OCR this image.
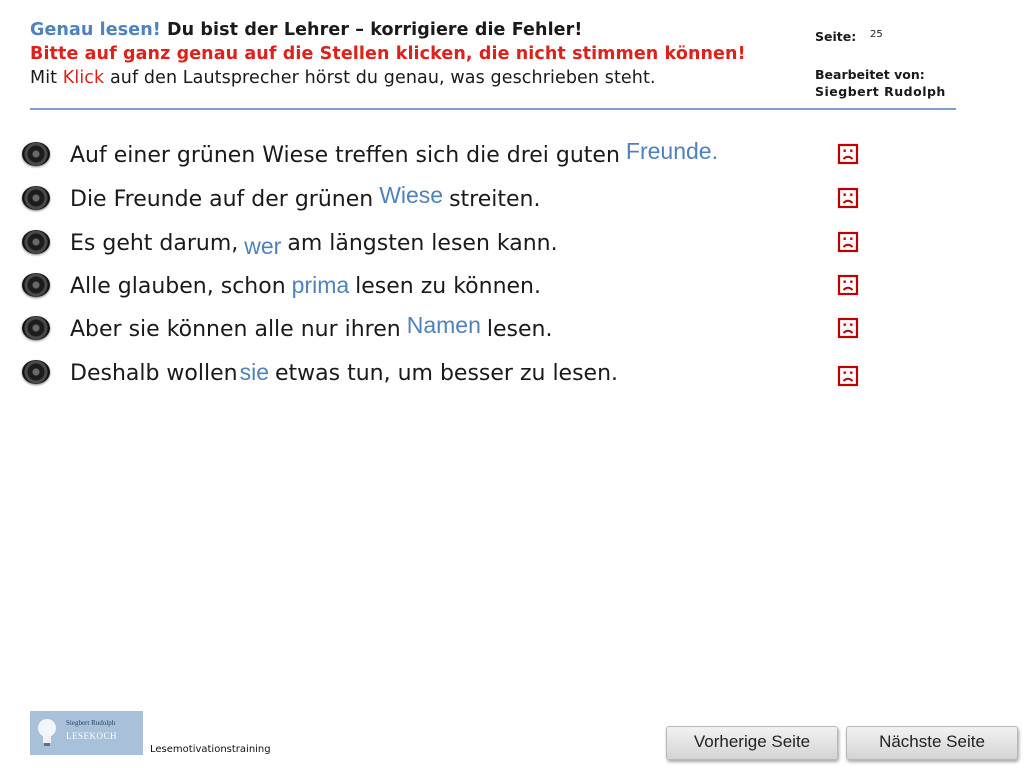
Genau lesen! Du bist der Lehrer – korrigiere die Fehler!
Bitte auf ganz genau auf die Stellen klicken, die nicht stimmen können!
Mit Klick auf den Lautsprecher hörst du genau, was geschrieben steht.
Seite: 25
Bearbeitet von:
Siegbert Rudolph
Auf einer grünen Wiese treffen sich die drei guten Freunde.
Die Freunde auf der grünen Wiese streiten.
Es geht darum, wer am längsten lesen kann.
Alle glauben, schon prima lesen zu können.
Aber sie können alle nur ihren Namen lesen.
Deshalb wollensie etwas tun, um besser zu lesen.
Siegbert Rudolph
LESEKOCH
Lesemotivationstraining	Vorherige Seite	Nächste Seite
